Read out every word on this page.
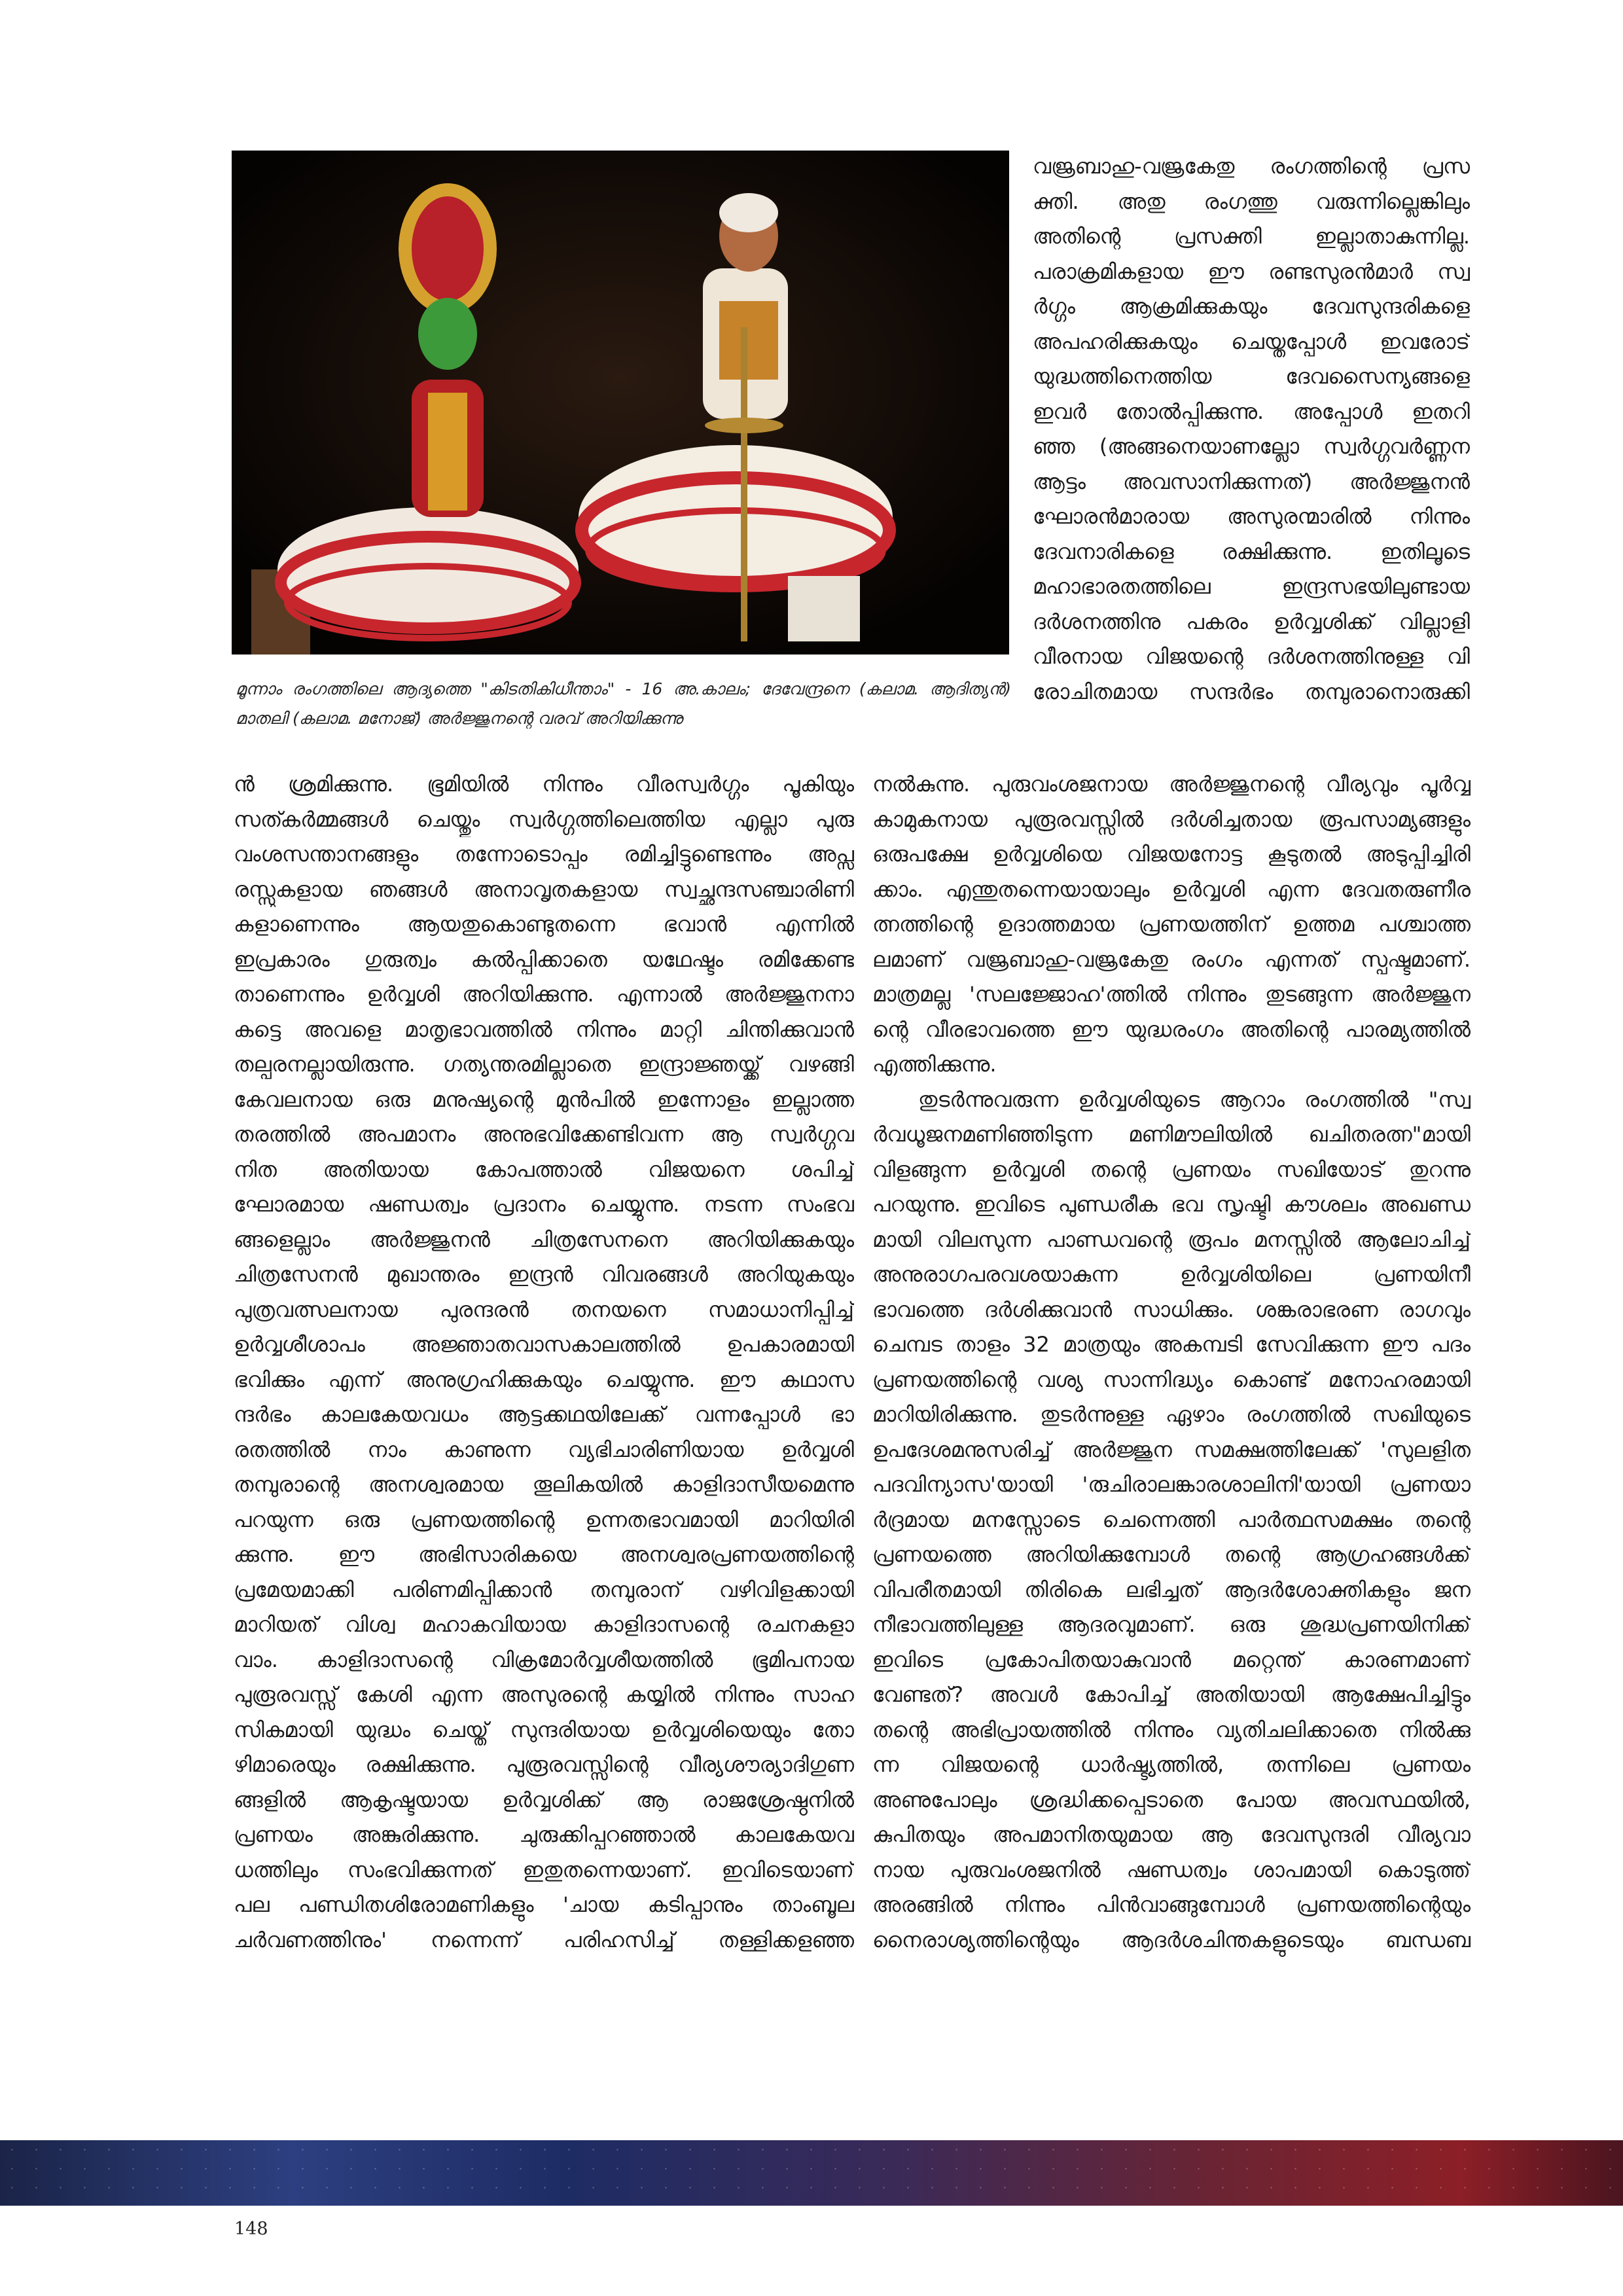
മൂന്നാം രംഗത്തിലെ ആദ്യത്തെ "കിടതികിധീന്താം" - 16 അ.കാലം; ദേവേന്ദ്രനെ (കലാമ. ആദിത്യൻ) മാതലി (കലാമ. മനോജ്) അർജ്ജുനന്റെ വരവ് അറിയിക്കുന്നു
വജ്രബാഹു-വജ്രകേതു രംഗത്തിന്റെ പ്രസ
ക്തി. അതു രംഗത്തു വരുന്നില്ലെങ്കിലും
അതിന്റെ പ്രസക്തി ഇല്ലാതാകുന്നില്ല.
പരാക്രമികളായ ഈ രണ്ടസുരൻമാർ സ്വ
ർഗ്ഗം ആക്രമിക്കുകയും ദേവസുന്ദരികളെ
അപഹരിക്കുകയും ചെയ്തപ്പോൾ ഇവരോട്
യുദ്ധത്തിനെത്തിയ ദേവസൈന്യങ്ങളെ
ഇവർ തോൽപ്പിക്കുന്നു. അപ്പോൾ ഇതറി
ഞ്ഞ (അങ്ങനെയാണല്ലോ സ്വർഗ്ഗവർണ്ണന
ആട്ടം അവസാനിക്കുന്നത്) അർജ്ജുനൻ
ഘോരൻമാരായ അസുരന്മാരിൽ നിന്നും
ദേവനാരികളെ രക്ഷിക്കുന്നു. ഇതിലൂടെ
മഹാഭാരതത്തിലെ ഇന്ദ്രസഭയിലുണ്ടായ
ദർശനത്തിനു പകരം ഉർവ്വശിക്ക് വില്ലാളി
വീരനായ വിജയന്റെ ദർശനത്തിനുള്ള വി
രോചിതമായ സന്ദർഭം തമ്പുരാനൊരുക്കി
ൻ ശ്രമിക്കുന്നു. ഭൂമിയിൽ നിന്നും വീരസ്വർഗ്ഗം പൂകിയും
സത്കർമ്മങ്ങൾ ചെയ്തും സ്വർഗ്ഗത്തിലെത്തിയ എല്ലാ പുരു
വംശസന്താനങ്ങളും തന്നോടൊപ്പം രമിച്ചിട്ടുണ്ടെന്നും അപ്സ
രസ്സുകളായ ഞങ്ങൾ അനാവൃതകളായ സ്വച്ഛന്ദസഞ്ചാരിണി
കളാണെന്നും ആയതുകൊണ്ടുതന്നെ ഭവാൻ എന്നിൽ
ഇപ്രകാരം ഗുരുത്വം കൽപ്പിക്കാതെ യഥേഷ്ടം രമിക്കേണ്ട
താണെന്നും ഉർവ്വശി അറിയിക്കുന്നു. എന്നാൽ അർജ്ജുനനാ
കട്ടെ അവളെ മാതൃഭാവത്തിൽ നിന്നും മാറ്റി ചിന്തിക്കുവാൻ
തല്പരനല്ലായിരുന്നു. ഗത്യന്തരമില്ലാതെ ഇന്ദ്രാജ്ഞയ്ക്ക് വഴങ്ങി
കേവലനായ ഒരു മനുഷ്യന്റെ മുൻപിൽ ഇന്നോളം ഇല്ലാത്ത
തരത്തിൽ അപമാനം അനുഭവിക്കേണ്ടിവന്ന ആ സ്വർഗ്ഗവ
നിത അതിയായ കോപത്താൽ വിജയനെ ശപിച്ച്
ഘോരമായ ഷണ്ഡത്വം പ്രദാനം ചെയ്യുന്നു. നടന്ന സംഭവ
ങ്ങളെല്ലാം അർജ്ജുനൻ ചിത്രസേനനെ അറിയിക്കുകയും
ചിത്രസേനൻ മുഖാന്തരം ഇന്ദ്രൻ വിവരങ്ങൾ അറിയുകയും
പുത്രവത്സലനായ പുരന്ദരൻ തനയനെ സമാധാനിപ്പിച്ച്
ഉർവ്വശീശാപം അജ്ഞാതവാസകാലത്തിൽ ഉപകാരമായി
ഭവിക്കും എന്ന് അനുഗ്രഹിക്കുകയും ചെയ്യുന്നു. ഈ കഥാസ
ന്ദർഭം കാലകേയവധം ആട്ടക്കഥയിലേക്ക് വന്നപ്പോൾ ഭാ
രതത്തിൽ നാം കാണുന്ന വ്യഭിചാരിണിയായ ഉർവ്വശി
തമ്പുരാന്റെ അനശ്വരമായ തൂലികയിൽ കാളിദാസീയമെന്നു
പറയുന്ന ഒരു പ്രണയത്തിന്റെ ഉന്നതഭാവമായി മാറിയിരി
ക്കുന്നു. ഈ അഭിസാരികയെ അനശ്വരപ്രണയത്തിന്റെ
പ്രമേയമാക്കി പരിണമിപ്പിക്കാൻ തമ്പുരാന് വഴിവിളക്കായി
മാറിയത് വിശ്വ മഹാകവിയായ കാളിദാസന്റെ രചനകളാ
വാം. കാളിദാസന്റെ വിക്രമോർവ്വശീയത്തിൽ ഭൂമിപനായ
പുരൂരവസ്സ് കേശി എന്ന അസുരന്റെ കയ്യിൽ നിന്നും സാഹ
സികമായി യുദ്ധം ചെയ്ത് സുന്ദരിയായ ഉർവ്വശിയെയും തോ
ഴിമാരെയും രക്ഷിക്കുന്നു. പുരൂരവസ്സിന്റെ വീര്യശൗര്യാദിഗുണ
ങ്ങളിൽ ആകൃഷ്ടയായ ഉർവ്വശിക്ക് ആ രാജശ്രേഷ്ഠനിൽ
പ്രണയം അങ്കുരിക്കുന്നു. ചുരുക്കിപ്പറഞ്ഞാൽ കാലകേയവ
ധത്തിലും സംഭവിക്കുന്നത് ഇതുതന്നെയാണ്. ഇവിടെയാണ്
പല പണ്ഡിതശിരോമണികളും 'ചായ കടിപ്പാനും താംബൂല
ചർവണത്തിനും' നന്നെന്ന് പരിഹസിച്ച് തള്ളിക്കളഞ്ഞ
നൽകുന്നു. പുരുവംശജനായ അർജ്ജുനന്റെ വീര്യവും പൂർവ്വ
കാമുകനായ പുരൂരവസ്സിൽ ദർശിച്ചതായ രൂപസാമ്യങ്ങളും
ഒരുപക്ഷേ ഉർവ്വശിയെ വിജയനോട്ട കൂടുതൽ അടുപ്പിച്ചിരി
ക്കാം. എന്തുതന്നെയായാലും ഉർവ്വശി എന്ന ദേവതരുണീര
ത്നത്തിന്റെ ഉദാത്തമായ പ്രണയത്തിന് ഉത്തമ പശ്ചാത്ത
ലമാണ് വജ്രബാഹു-വജ്രകേതു രംഗം എന്നത് സ്പഷ്ടമാണ്.
മാത്രമല്ല 'സലജ്ജോഹ'ത്തിൽ നിന്നും തുടങ്ങുന്ന അർജ്ജുന
ന്റെ വീരഭാവത്തെ ഈ യുദ്ധരംഗം അതിന്റെ പാരമ്യത്തിൽ
എത്തിക്കുന്നു.
തുടർന്നുവരുന്ന ഉർവ്വശിയുടെ ആറാം രംഗത്തിൽ "സ്വ
ർവധൂജനമണിഞ്ഞിടുന്ന മണിമൗലിയിൽ ഖചിതരത്ന"മായി
വിളങ്ങുന്ന ഉർവ്വശി തന്റെ പ്രണയം സഖിയോട് തുറന്നു
പറയുന്നു. ഇവിടെ പുണ്ഡരീക ഭവ സൃഷ്ടി കൗശലം അഖണ്ഡ
മായി വിലസുന്ന പാണ്ഡവന്റെ രൂപം മനസ്സിൽ ആലോചിച്ച്
അനുരാഗപരവശയാകുന്ന ഉർവ്വശിയിലെ പ്രണയിനീ
ഭാവത്തെ ദർശിക്കുവാൻ സാധിക്കും. ശങ്കരാഭരണ രാഗവും
ചെമ്പട താളം 32 മാത്രയും അകമ്പടി സേവിക്കുന്ന ഈ പദം
പ്രണയത്തിന്റെ വശ്യ സാന്നിദ്ധ്യം കൊണ്ട് മനോഹരമായി
മാറിയിരിക്കുന്നു. തുടർന്നുള്ള ഏഴാം രംഗത്തിൽ സഖിയുടെ
ഉപദേശമനുസരിച്ച് അർജ്ജുന സമക്ഷത്തിലേക്ക് 'സുലളിത
പദവിന്യാസ'യായി 'രുചിരാലങ്കാരശാലിനി'യായി പ്രണയാ
ർദ്രമായ മനസ്സോടെ ചെന്നെത്തി പാർത്ഥസമക്ഷം തന്റെ
പ്രണയത്തെ അറിയിക്കുമ്പോൾ തന്റെ ആഗ്രഹങ്ങൾക്ക്
വിപരീതമായി തിരികെ ലഭിച്ചത് ആദർശോക്തികളും ജന
നീഭാവത്തിലുള്ള ആദരവുമാണ്. ഒരു ശുദ്ധപ്രണയിനിക്ക്
ഇവിടെ പ്രകോപിതയാകുവാൻ മറ്റെന്ത് കാരണമാണ്
വേണ്ടത്? അവൾ കോപിച്ച് അതിയായി ആക്ഷേപിച്ചിട്ടും
തന്റെ അഭിപ്രായത്തിൽ നിന്നും വ്യതിചലിക്കാതെ നിൽക്കു
ന്ന വിജയന്റെ ധാർഷ്ട്യത്തിൽ, തന്നിലെ പ്രണയം
അണുപോലും ശ്രദ്ധിക്കപ്പെടാതെ പോയ അവസ്ഥയിൽ,
കുപിതയും അപമാനിതയുമായ ആ ദേവസുന്ദരി വീര്യവാ
നായ പുരുവംശജനിൽ ഷണ്ഡത്വം ശാപമായി കൊടുത്ത്
അരങ്ങിൽ നിന്നും പിൻവാങ്ങുമ്പോൾ പ്രണയത്തിന്റെയും
നൈരാശ്യത്തിന്റെയും ആദർശചിന്തകളുടെയും ബന്ധബ
148
